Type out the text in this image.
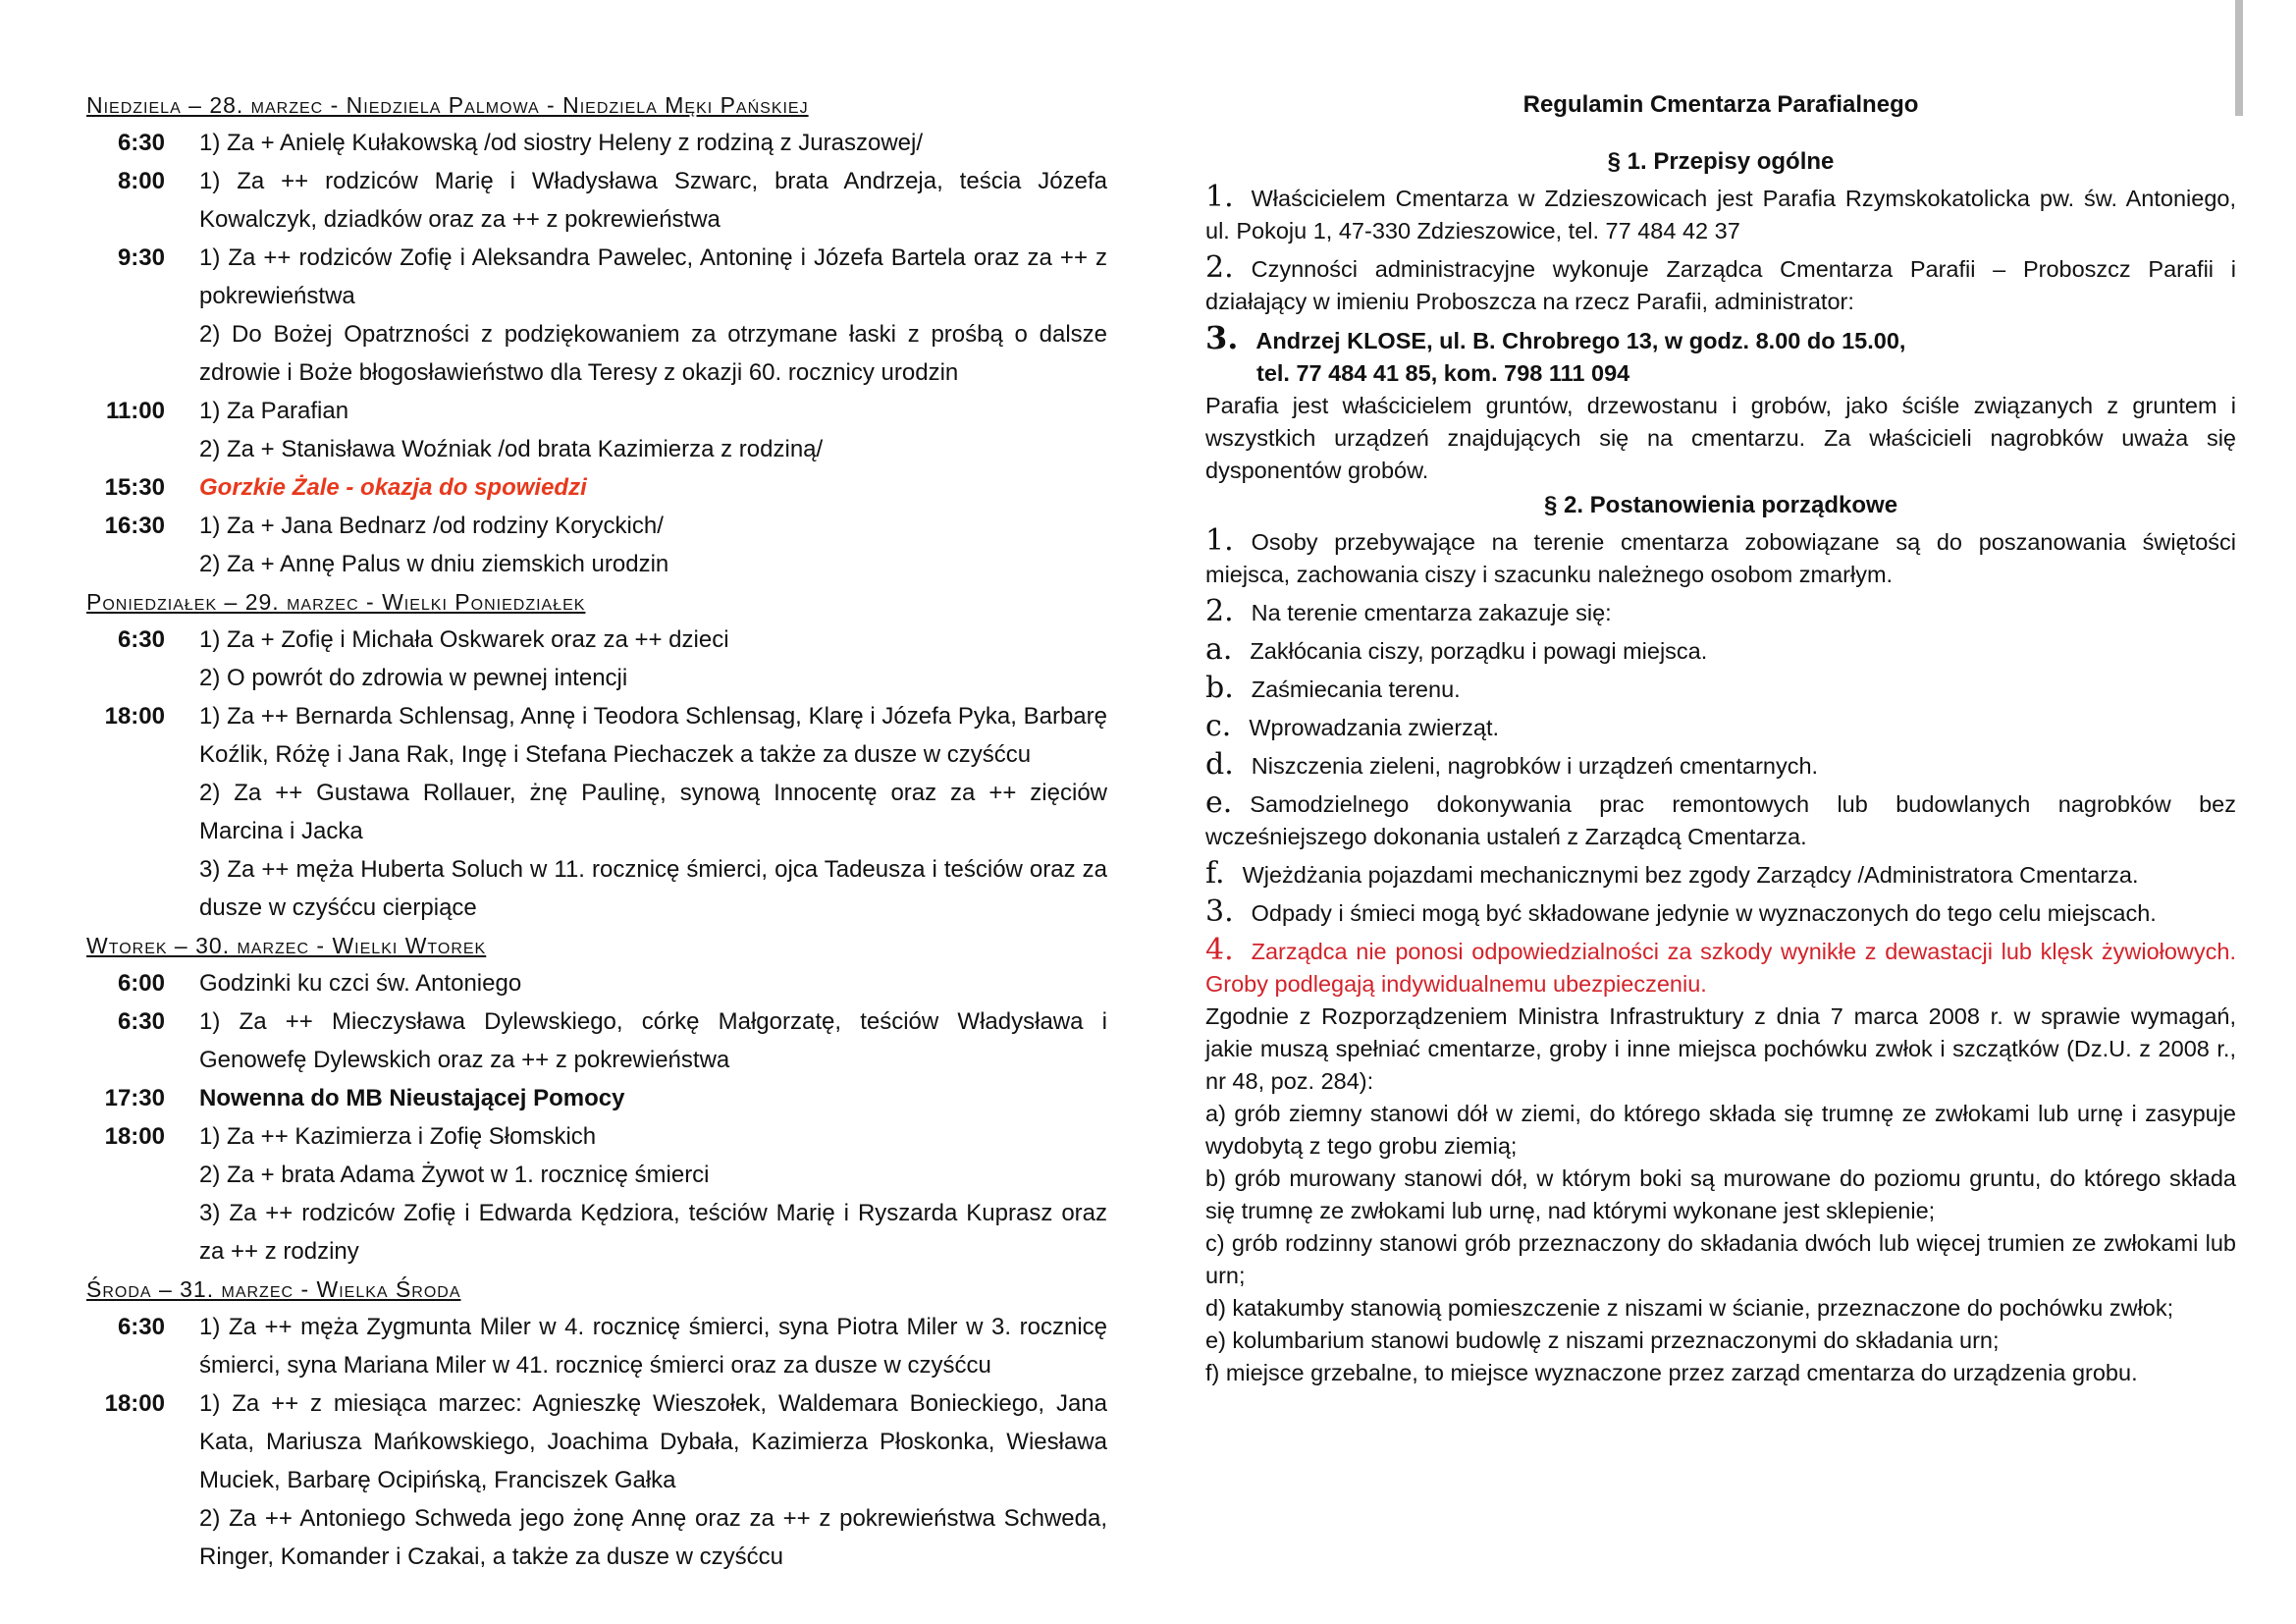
Niedziela – 28. marzec - Niedziela Palmowa - Niedziela Męki Pańskiej
6:30 1) Za + Anielę Kułakowską /od siostry Heleny z rodziną z Juraszowej/
8:00 1) Za ++ rodziców Marię i Władysława Szwarc, brata Andrzeja, teścia Józefa Kowalczyk, dziadków oraz za ++ z pokrewieństwa
9:30 1) Za ++ rodziców Zofię i Aleksandra Pawelec, Antoninę i Józefa Bartela oraz za ++ z pokrewieństwa
2) Do Bożej Opatrzności z podziękowaniem za otrzymane łaski z prośbą o dalsze zdrowie i Boże błogosławieństwo dla Teresy z okazji 60. rocznicy urodzin
11:00 1) Za Parafian
2) Za + Stanisława Woźniak /od brata Kazimierza z rodziną/
15:30 Gorzkie Żale - okazja do spowiedzi
16:30 1) Za + Jana Bednarz /od rodziny Koryckich/
2) Za + Annę Palus w dniu ziemskich urodzin
Poniedziałek – 29. marzec - Wielki Poniedziałek
6:30 1) Za + Zofię i Michała Oskwarek oraz za ++ dzieci
2) O powrót do zdrowia w pewnej intencji
18:00 1) Za ++ Bernarda Schlensag, Annę i Teodora Schlensag, Klarę i Józefa Pyka, Barbarę Koźlik, Różę i Jana Rak, Ingę i Stefana Piechaczek a także za dusze w czyśćcu
2) Za ++ Gustawa Rollauer, żnę Paulinę, synową Innocentę oraz za ++ zięciów Marcina i Jacka
3) Za ++ męża Huberta Soluch w 11. rocznicę śmierci, ojca Tadeusza i teściów oraz za dusze w czyśćcu cierpiące
Wtorek – 30. marzec - Wielki Wtorek
6:00 Godzinki ku czci św. Antoniego
6:30 1) Za ++ Mieczysława Dylewskiego, córkę Małgorzatę, teściów Władysława i Genowefę Dylewskich oraz za ++ z pokrewieństwa
17:30 Nowenna do MB Nieustającej Pomocy
18:00 1) Za ++ Kazimierza i Zofię Słomskich
2) Za + brata Adama Żywot w 1. rocznicę śmierci
3) Za ++ rodziców Zofię i Edwarda Kędziora, teściów Marię i Ryszarda Kuprasz oraz za ++ z rodziny
Środa – 31. marzec - Wielka Środa
6:30 1) Za ++ męża Zygmunta Miler w 4. rocznicę śmierci, syna Piotra Miler w 3. rocznicę śmierci, syna Mariana Miler w 41. rocznicę śmierci oraz za dusze w czyśćcu
18:00 1) Za ++ z miesiąca marzec: Agnieszkę Wieszołek, Waldemara Bonieckiego, Jana Kata, Mariusza Mańkowskiego, Joachima Dybała, Kazimierza Płoskonka, Wiesława Muciek, Barbarę Ocipińską, Franciszek Gałka
2) Za ++ Antoniego Schweda jego żonę Annę oraz za ++ z pokrewieństwa Schweda, Ringer, Komander i Czakai, a także za dusze w czyśćcu
Regulamin Cmentarza Parafialnego
§ 1. Przepisy ogólne
1. Właścicielem Cmentarza w Zdzieszowicach jest Parafia Rzymskokatolicka pw. św. Antoniego, ul. Pokoju 1, 47-330 Zdzieszowice, tel. 77 484 42 37
2. Czynności administracyjne wykonuje Zarządca Cmentarza Parafii – Proboszcz Parafii i działający w imieniu Proboszcza na rzecz Parafii, administrator:
3. Andrzej KLOSE, ul. B. Chrobrego 13, w godz. 8.00 do 15.00,
tel. 77 484 41 85, kom. 798 111 094
Parafia jest właścicielem gruntów, drzewostanu i grobów, jako ściśle związanych z gruntem i wszystkich urządzeń znajdujących się na cmentarzu. Za właścicieli nagrobków uważa się dysponentów grobów.
§ 2. Postanowienia porządkowe
1. Osoby przebywające na terenie cmentarza zobowiązane są do poszanowania świętości miejsca, zachowania ciszy i szacunku należnego osobom zmarłym.
2. Na terenie cmentarza zakazuje się:
a. Zakłócania ciszy, porządku i powagi miejsca.
b. Zaśmiecania terenu.
c. Wprowadzania zwierząt.
d. Niszczenia zieleni, nagrobków i urządzeń cmentarnych.
e. Samodzielnego dokonywania prac remontowych lub budowlanych nagrobków bez wcześniejszego dokonania ustaleń z Zarządcą Cmentarza.
f. Wjeżdżania pojazdami mechanicznymi bez zgody Zarządcy /Administratora Cmentarza.
3. Odpady i śmieci mogą być składowane jedynie w wyznaczonych do tego celu miejscach.
4. Zarządca nie ponosi odpowiedzialności za szkody wynikłe z dewastacji lub klęsk żywiołowych. Groby podlegają indywidualnemu ubezpieczeniu.
Zgodnie z Rozporządzeniem Ministra Infrastruktury z dnia 7 marca 2008 r. w sprawie wymagań, jakie muszą spełniać cmentarze, groby i inne miejsca pochówku zwłok i szczątków (Dz.U. z 2008 r., nr 48, poz. 284):
a) grób ziemny stanowi dół w ziemi, do którego składa się trumnę ze zwłokami lub urnę i zasypuje wydobytą z tego grobu ziemią;
b) grób murowany stanowi dół, w którym boki są murowane do poziomu gruntu, do którego składa się trumnę ze zwłokami lub urnę, nad którymi wykonane jest sklepienie;
c) grób rodzinny stanowi grób przeznaczony do składania dwóch lub więcej trumien ze zwłokami lub urn;
d) katakumby stanowią pomieszczenie z niszami w ścianie, przeznaczone do pochówku zwłok;
e) kolumbarium stanowi budowlę z niszami przeznaczonymi do składania urn;
f) miejsce grzebalne, to miejsce wyznaczone przez zarząd cmentarza do urządzenia grobu.
